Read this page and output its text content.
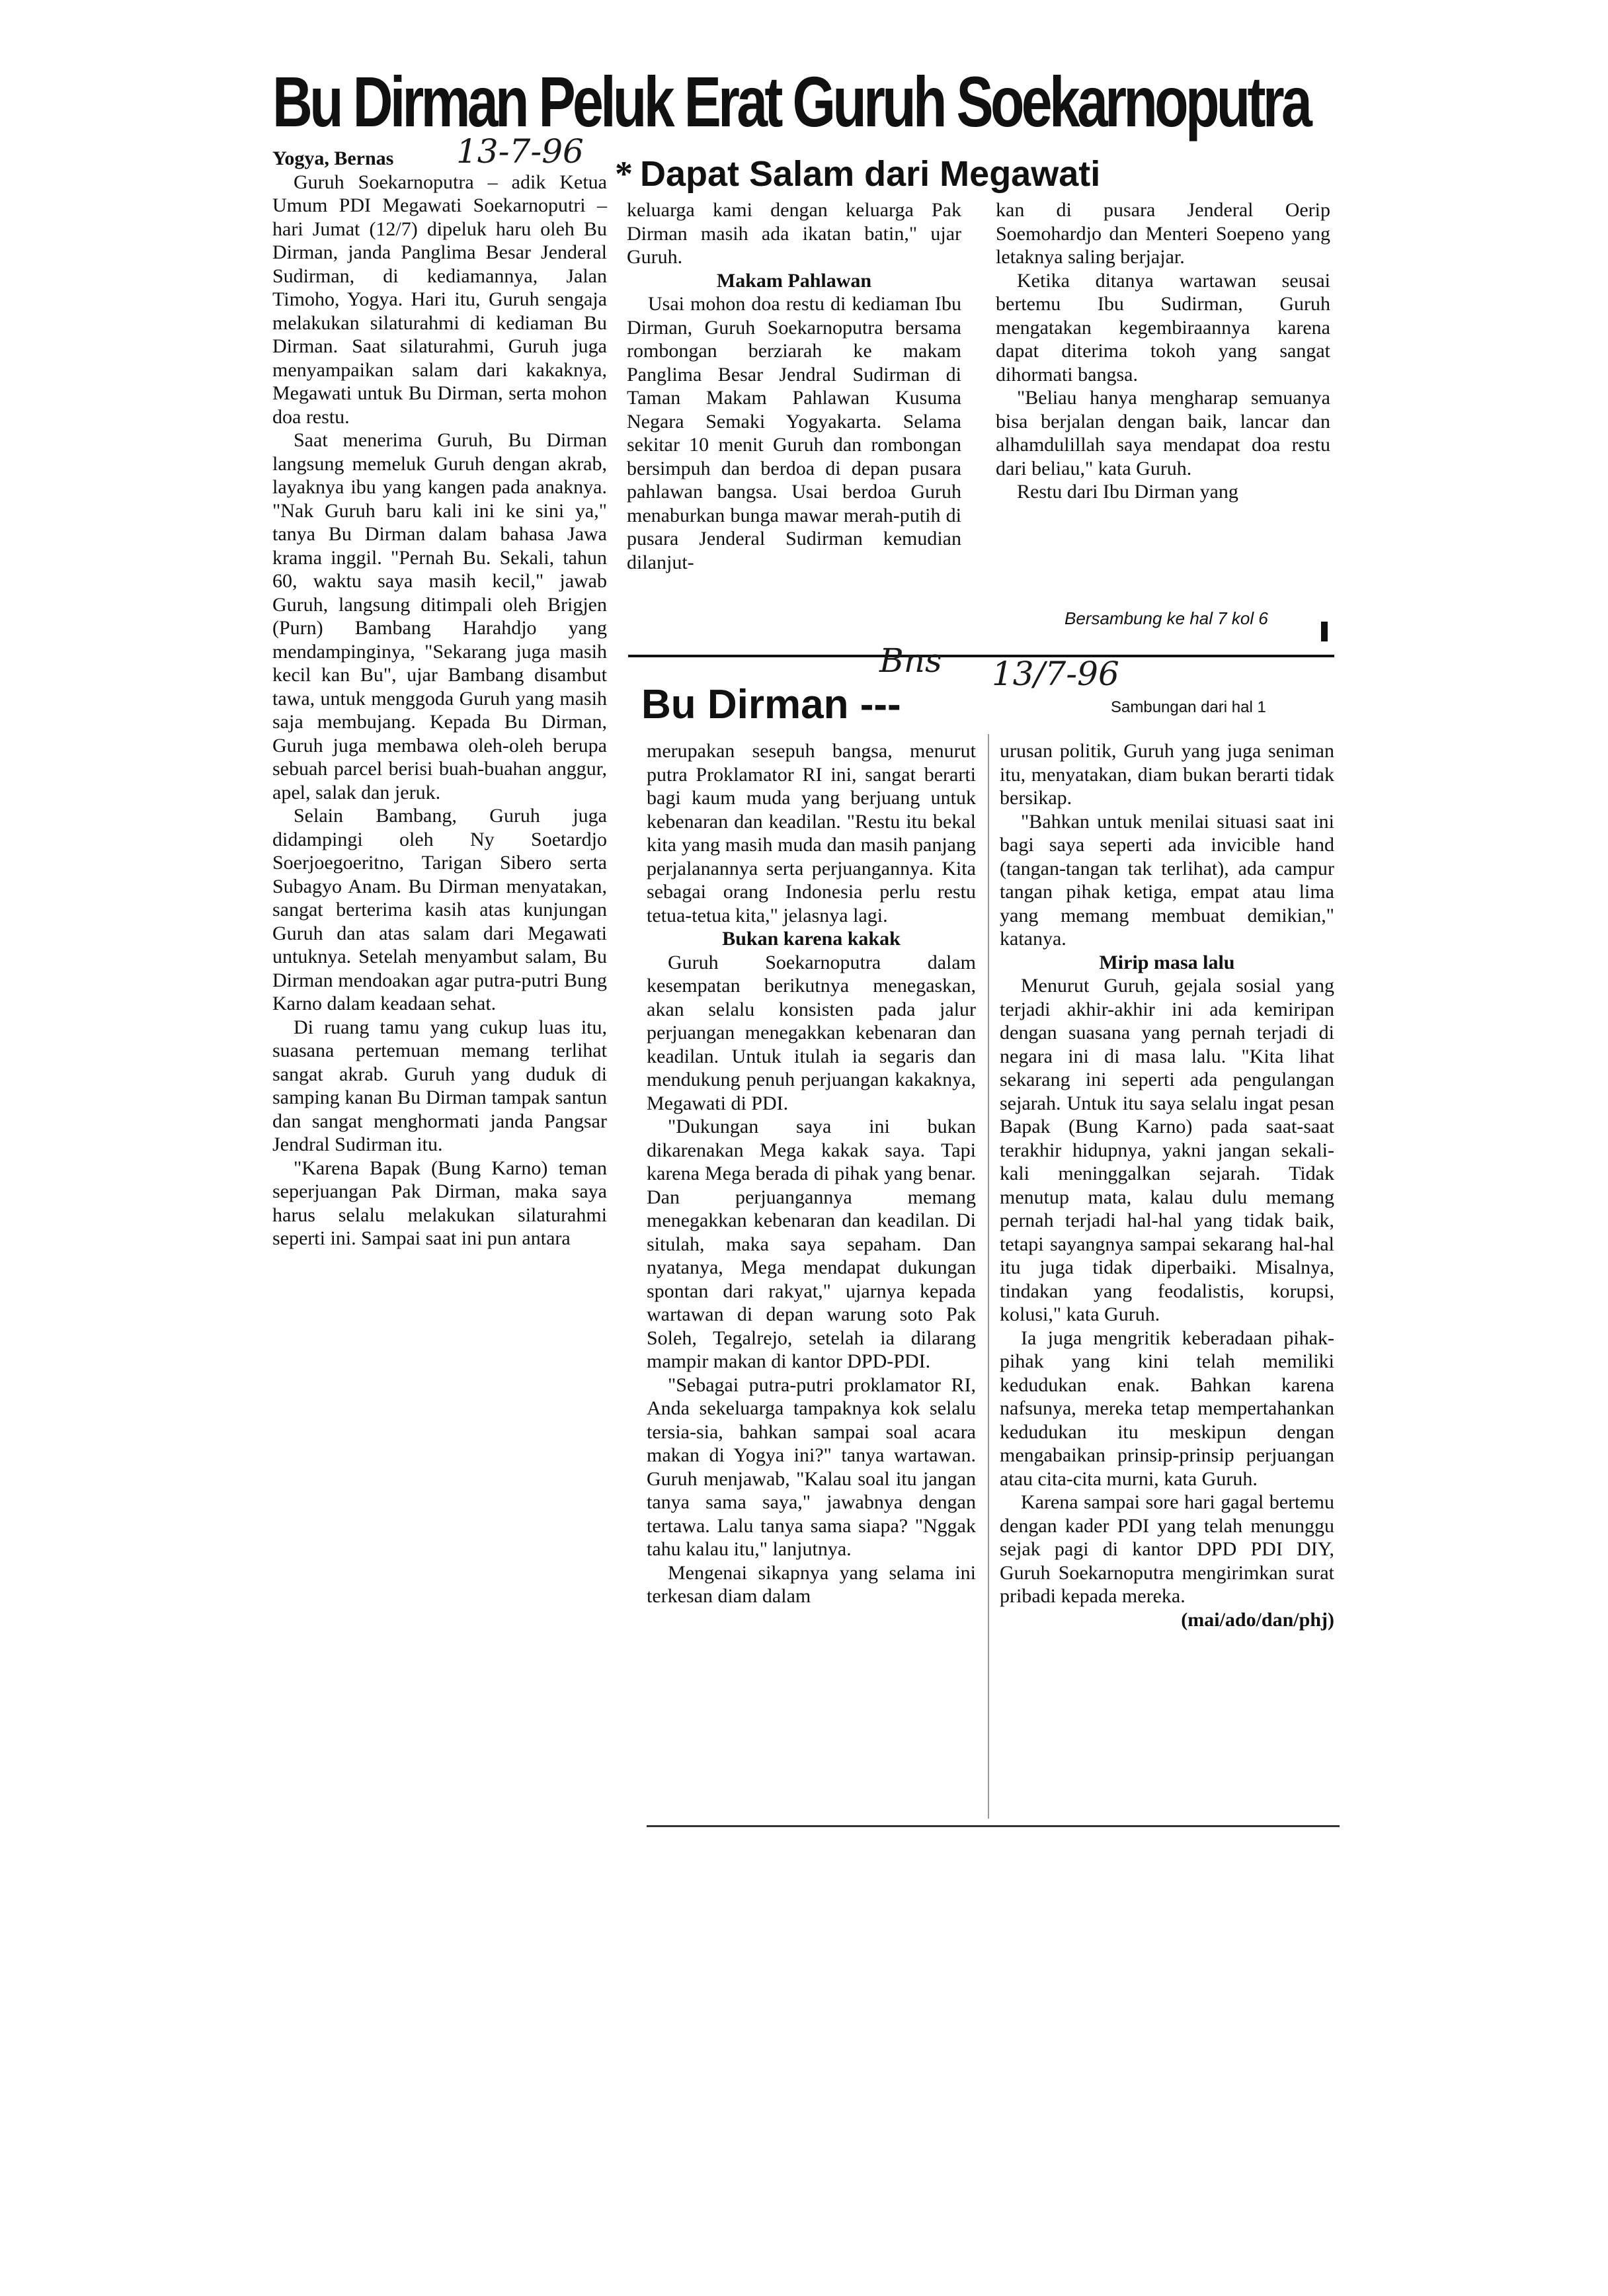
Bu Dirman Peluk Erat Guruh Soekarnoputra
* Dapat Salam dari Megawati
13-7-96

Yogya, Bernas

Guruh Soekarnoputra – adik Ketua Umum PDI Megawati Soekarnoputri – hari Jumat (12/7) dipeluk haru oleh Bu Dirman, janda Panglima Besar Jenderal Sudirman, di kediamannya, Jalan Timoho, Yogya. Hari itu, Guruh sengaja melakukan silaturahmi di kediaman Bu Dirman. Saat silaturahmi, Guruh juga menyampaikan salam dari kakaknya, Megawati untuk Bu Dirman, serta mohon doa restu.

Saat menerima Guruh, Bu Dirman langsung memeluk Guruh dengan akrab, layaknya ibu yang kangen pada anaknya. "Nak Guruh baru kali ini ke sini ya," tanya Bu Dirman dalam bahasa Jawa krama inggil. "Pernah Bu. Sekali, tahun 60, waktu saya masih kecil," jawab Guruh, langsung ditimpali oleh Brigjen (Purn) Bambang Harahdjo yang mendampinginya, "Sekarang juga masih kecil kan Bu", ujar Bambang disambut tawa, untuk menggoda Guruh yang masih saja membujang. Kepada Bu Dirman, Guruh juga membawa oleh-oleh berupa sebuah parcel berisi buah-buahan anggur, apel, salak dan jeruk.

Selain Bambang, Guruh juga didampingi oleh Ny Soetardjo Soerjoegoeritno, Tarigan Sibero serta Subagyo Anam. Bu Dirman menyatakan, sangat berterima kasih atas kunjungan Guruh dan atas salam dari Megawati untuknya. Setelah menyambut salam, Bu Dirman mendoakan agar putra-putri Bung Karno dalam keadaan sehat.

Di ruang tamu yang cukup luas itu, suasana pertemuan memang terlihat sangat akrab. Guruh yang duduk di samping kanan Bu Dirman tampak santun dan sangat menghormati janda Pangsar Jendral Sudirman itu.

"Karena Bapak (Bung Karno) teman seperjuangan Pak Dirman, maka saya harus selalu melakukan silaturahmi seperti ini. Sampai saat ini pun antara

keluarga kami dengan keluarga Pak Dirman masih ada ikatan batin," ujar Guruh.

Makam Pahlawan

Usai mohon doa restu di kediaman Ibu Dirman, Guruh Soekarnoputra bersama rombongan berziarah ke makam Panglima Besar Jendral Sudirman di Taman Makam Pahlawan Kusuma Negara Semaki Yogyakarta. Selama sekitar 10 menit Guruh dan rombongan bersimpuh dan berdoa di depan pusara pahlawan bangsa. Usai berdoa Guruh menaburkan bunga mawar merah-putih di pusara Jenderal Sudirman kemudian dilanjut-

kan di pusara Jenderal Oerip Soemohardjo dan Menteri Soepeno yang letaknya saling berjajar.

Ketika ditanya wartawan seusai bertemu Ibu Sudirman, Guruh mengatakan kegembiraannya karena dapat diterima tokoh yang sangat dihormati bangsa.

"Beliau hanya mengharap semuanya bisa berjalan dengan baik, lancar dan alhamdulillah saya mendapat doa restu dari beliau," kata Guruh.

Restu dari Ibu Dirman yang

Bersambung ke hal 7 kol 6
Bu Dirman ---
Bns 13/7-96
Sambungan dari hal 1

merupakan sesepuh bangsa, menurut putra Proklamator RI ini, sangat berarti bagi kaum muda yang berjuang untuk kebenaran dan keadilan. "Restu itu bekal kita yang masih muda dan masih panjang perjalanannya serta perjuangannya. Kita sebagai orang Indonesia perlu restu tetua-tetua kita," jelasnya lagi.

Bukan karena kakak

Guruh Soekarnoputra dalam kesempatan berikutnya menegaskan, akan selalu konsisten pada jalur perjuangan menegakkan kebenaran dan keadilan. Untuk itulah ia segaris dan mendukung penuh perjuangan kakaknya, Megawati di PDI.

"Dukungan saya ini bukan dikarenakan Mega kakak saya. Tapi karena Mega berada di pihak yang benar. Dan perjuangannya memang menegakkan kebenaran dan keadilan. Di situlah, maka saya sepaham. Dan nyatanya, Mega mendapat dukungan spontan dari rakyat," ujarnya kepada wartawan di depan warung soto Pak Soleh, Tegalrejo, setelah ia dilarang mampir makan di kantor DPD-PDI.

"Sebagai putra-putri proklamator RI, Anda sekeluarga tampaknya kok selalu tersia-sia, bahkan sampai soal acara makan di Yogya ini?" tanya wartawan. Guruh menjawab, "Kalau soal itu jangan tanya sama saya," jawabnya dengan tertawa. Lalu tanya sama siapa? "Nggak tahu kalau itu," lanjutnya.

Mengenai sikapnya yang selama ini terkesan diam dalam

urusan politik, Guruh yang juga seniman itu, menyatakan, diam bukan berarti tidak bersikap.

"Bahkan untuk menilai situasi saat ini bagi saya seperti ada invicible hand (tangan-tangan tak terlihat), ada campur tangan pihak ketiga, empat atau lima yang memang membuat demikian," katanya.

Mirip masa lalu

Menurut Guruh, gejala sosial yang terjadi akhir-akhir ini ada kemiripan dengan suasana yang pernah terjadi di negara ini di masa lalu. "Kita lihat sekarang ini seperti ada pengulangan sejarah. Untuk itu saya selalu ingat pesan Bapak (Bung Karno) pada saat-saat terakhir hidupnya, yakni jangan sekali-kali meninggalkan sejarah. Tidak menutup mata, kalau dulu memang pernah terjadi hal-hal yang tidak baik, tetapi sayangnya sampai sekarang hal-hal itu juga tidak diperbaiki. Misalnya, tindakan yang feodalistis, korupsi, kolusi," kata Guruh.

Ia juga mengritik keberadaan pihak-pihak yang kini telah memiliki kedudukan enak. Bahkan karena nafsunya, mereka tetap mempertahankan kedudukan itu meskipun dengan mengabaikan prinsip-prinsip perjuangan atau cita-cita murni, kata Guruh.

Karena sampai sore hari gagal bertemu dengan kader PDI yang telah menunggu sejak pagi di kantor DPD PDI DIY, Guruh Soekarnoputra mengirimkan surat pribadi kepada mereka.

(mai/ado/dan/phj)
